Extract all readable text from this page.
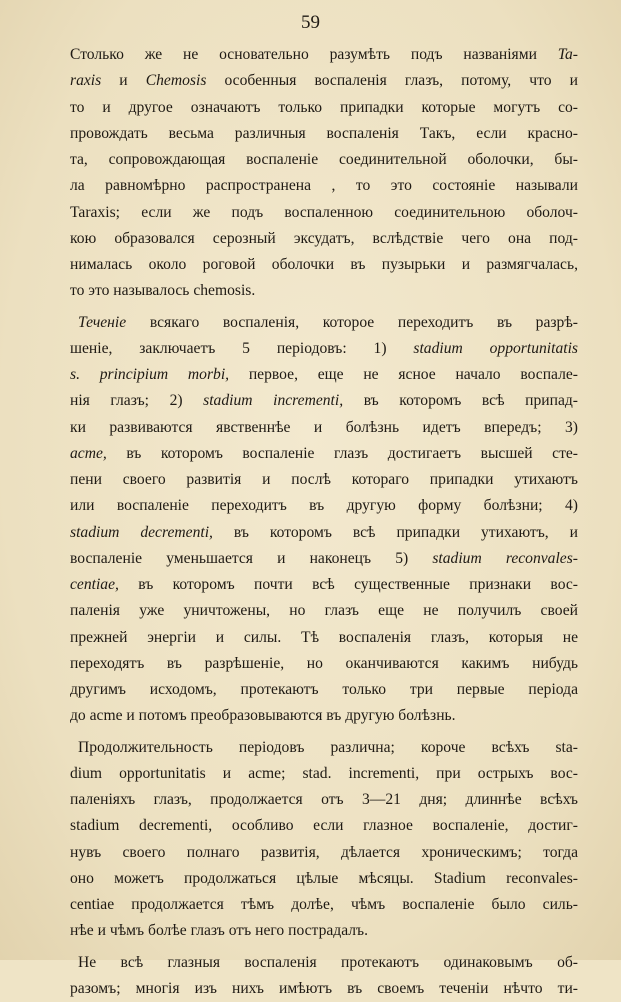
59
Столько же не основательно разумѣть подъ названіями Ta-
raxis и Chemosis особенныя воспаленія глазъ, потому, что и
то и другое означаютъ только припадки которые могутъ со-
провождать весьма различныя воспаленія Такъ, если красно-
та, сопровождающая воспаленіе соединительной оболочки, бы-
ла равномѣрно распространена , то это состояніе называли
Taraxis; если же подъ воспаленною соединительною оболоч-
кою образовался серозный эксудатъ, вслѣдствіе чего она под-
нималась около роговой оболочки въ пузырьки и размягчалась,
то это называлось chemosis.
Теченіе всякаго воспаленія, которое переходитъ въ разрѣ-
шеніе, заключаетъ 5 періодовъ: 1) stadium opportunitatis
s. principium morbi, первое, еще не ясное начало воспале-
нія глазъ; 2) stadium incrementi, въ которомъ всѣ припад-
ки развиваются явственнѣе и болѣзнь идетъ впередъ; 3)
acme, въ которомъ воспаленіе глазъ достигаетъ высшей сте-
пени своего развитія и послѣ котораго припадки утихаютъ
или воспаленіе переходитъ въ другую форму болѣзни; 4)
stadium decrementi, въ которомъ всѣ припадки утихаютъ, и
воспаленіе уменьшается и наконецъ 5) stadium reconvales-
centiae, въ которомъ почти всѣ существенные признаки вос-
паленія уже уничтожены, но глазъ еще не получилъ своей
прежней энергіи и силы. Тѣ воспаленія глазъ, которыя не
переходятъ въ разрѣшеніе, но оканчиваются какимъ нибудь
другимъ исходомъ, протекаютъ только три первые періода
до acme и потомъ преобразовываются въ другую болѣзнь.
Продолжительность періодовъ различна; короче всѣхъ sta-
dium opportunitatis и acme; stad. incrementi, при острыхъ вос-
паленіяхъ глазъ, продолжается отъ 3—21 дня; длиннѣе всѣхъ
stadium decrementi, особливо если глазное воспаленіе, достиг-
нувъ своего полнаго развитія, дѣлается хроническимъ; тогда
оно можетъ продолжаться цѣлые мѣсяцы. Stadium reconvales-
centiae продолжается тѣмъ долѣе, чѣмъ воспаленіе было силь-
нѣе и чѣмъ болѣе глазъ отъ него пострадалъ.
Не всѣ глазныя воспаленія протекаютъ одинаковымъ об-
разомъ; многія изъ нихъ имѣютъ въ своемъ теченіи нѣчто ти-
